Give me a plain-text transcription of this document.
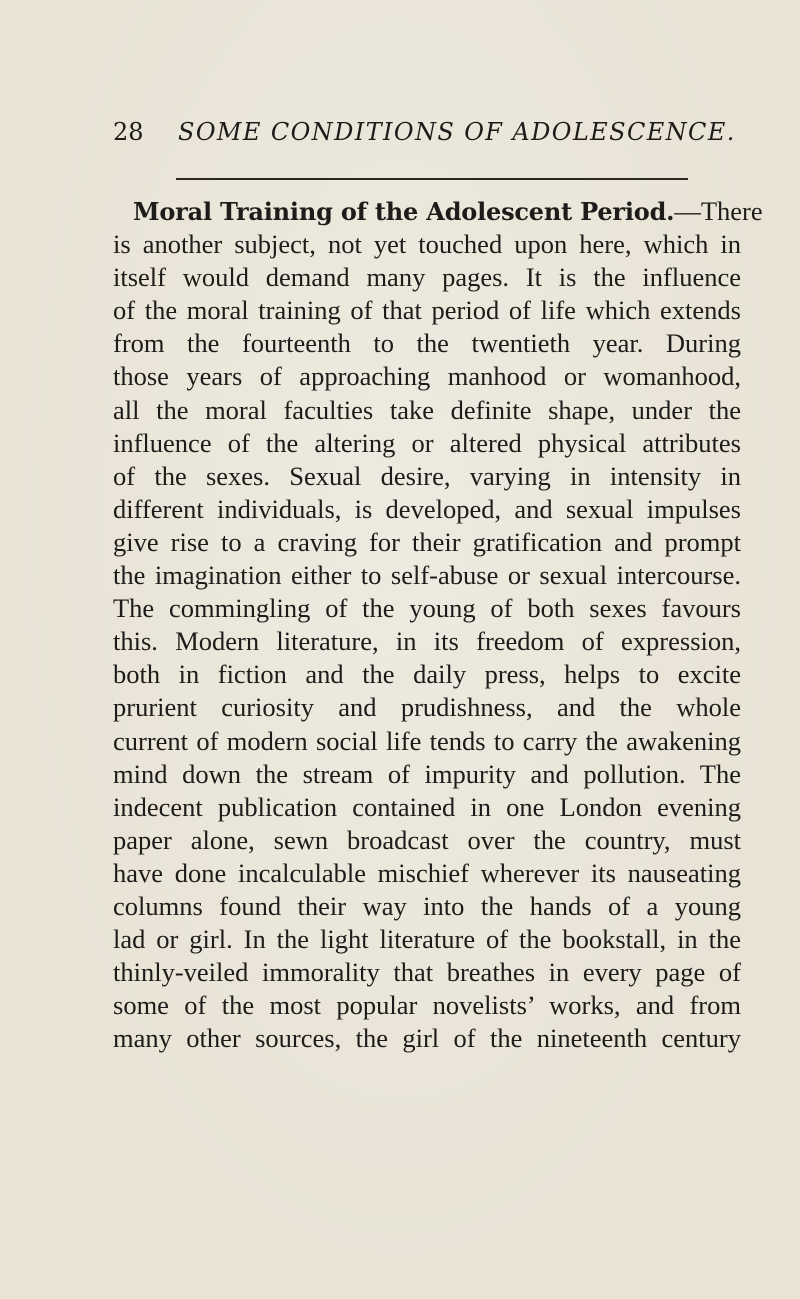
28 SOME CONDITIONS OF ADOLESCENCE.
Moral Training of the Adolescent Period.—There
is another subject, not yet touched upon here, which in
itself would demand many pages. It is the influence
of the moral training of that period of life which extends
from the fourteenth to the twentieth year. During
those years of approaching manhood or womanhood,
all the moral faculties take definite shape, under the
influence of the altering or altered physical attributes
of the sexes. Sexual desire, varying in intensity in
different individuals, is developed, and sexual impulses
give rise to a craving for their gratification and prompt
the imagination either to self-abuse or sexual intercourse.
The commingling of the young of both sexes favours
this. Modern literature, in its freedom of expression,
both in fiction and the daily press, helps to excite
prurient curiosity and prudishness, and the whole
current of modern social life tends to carry the awakening
mind down the stream of impurity and pollution. The
indecent publication contained in one London evening
paper alone, sewn broadcast over the country, must
have done incalculable mischief wherever its nauseating
columns found their way into the hands of a young
lad or girl. In the light literature of the bookstall, in the
thinly-veiled immorality that breathes in every page of
some of the most popular novelists’ works, and from
many other sources, the girl of the nineteenth century
